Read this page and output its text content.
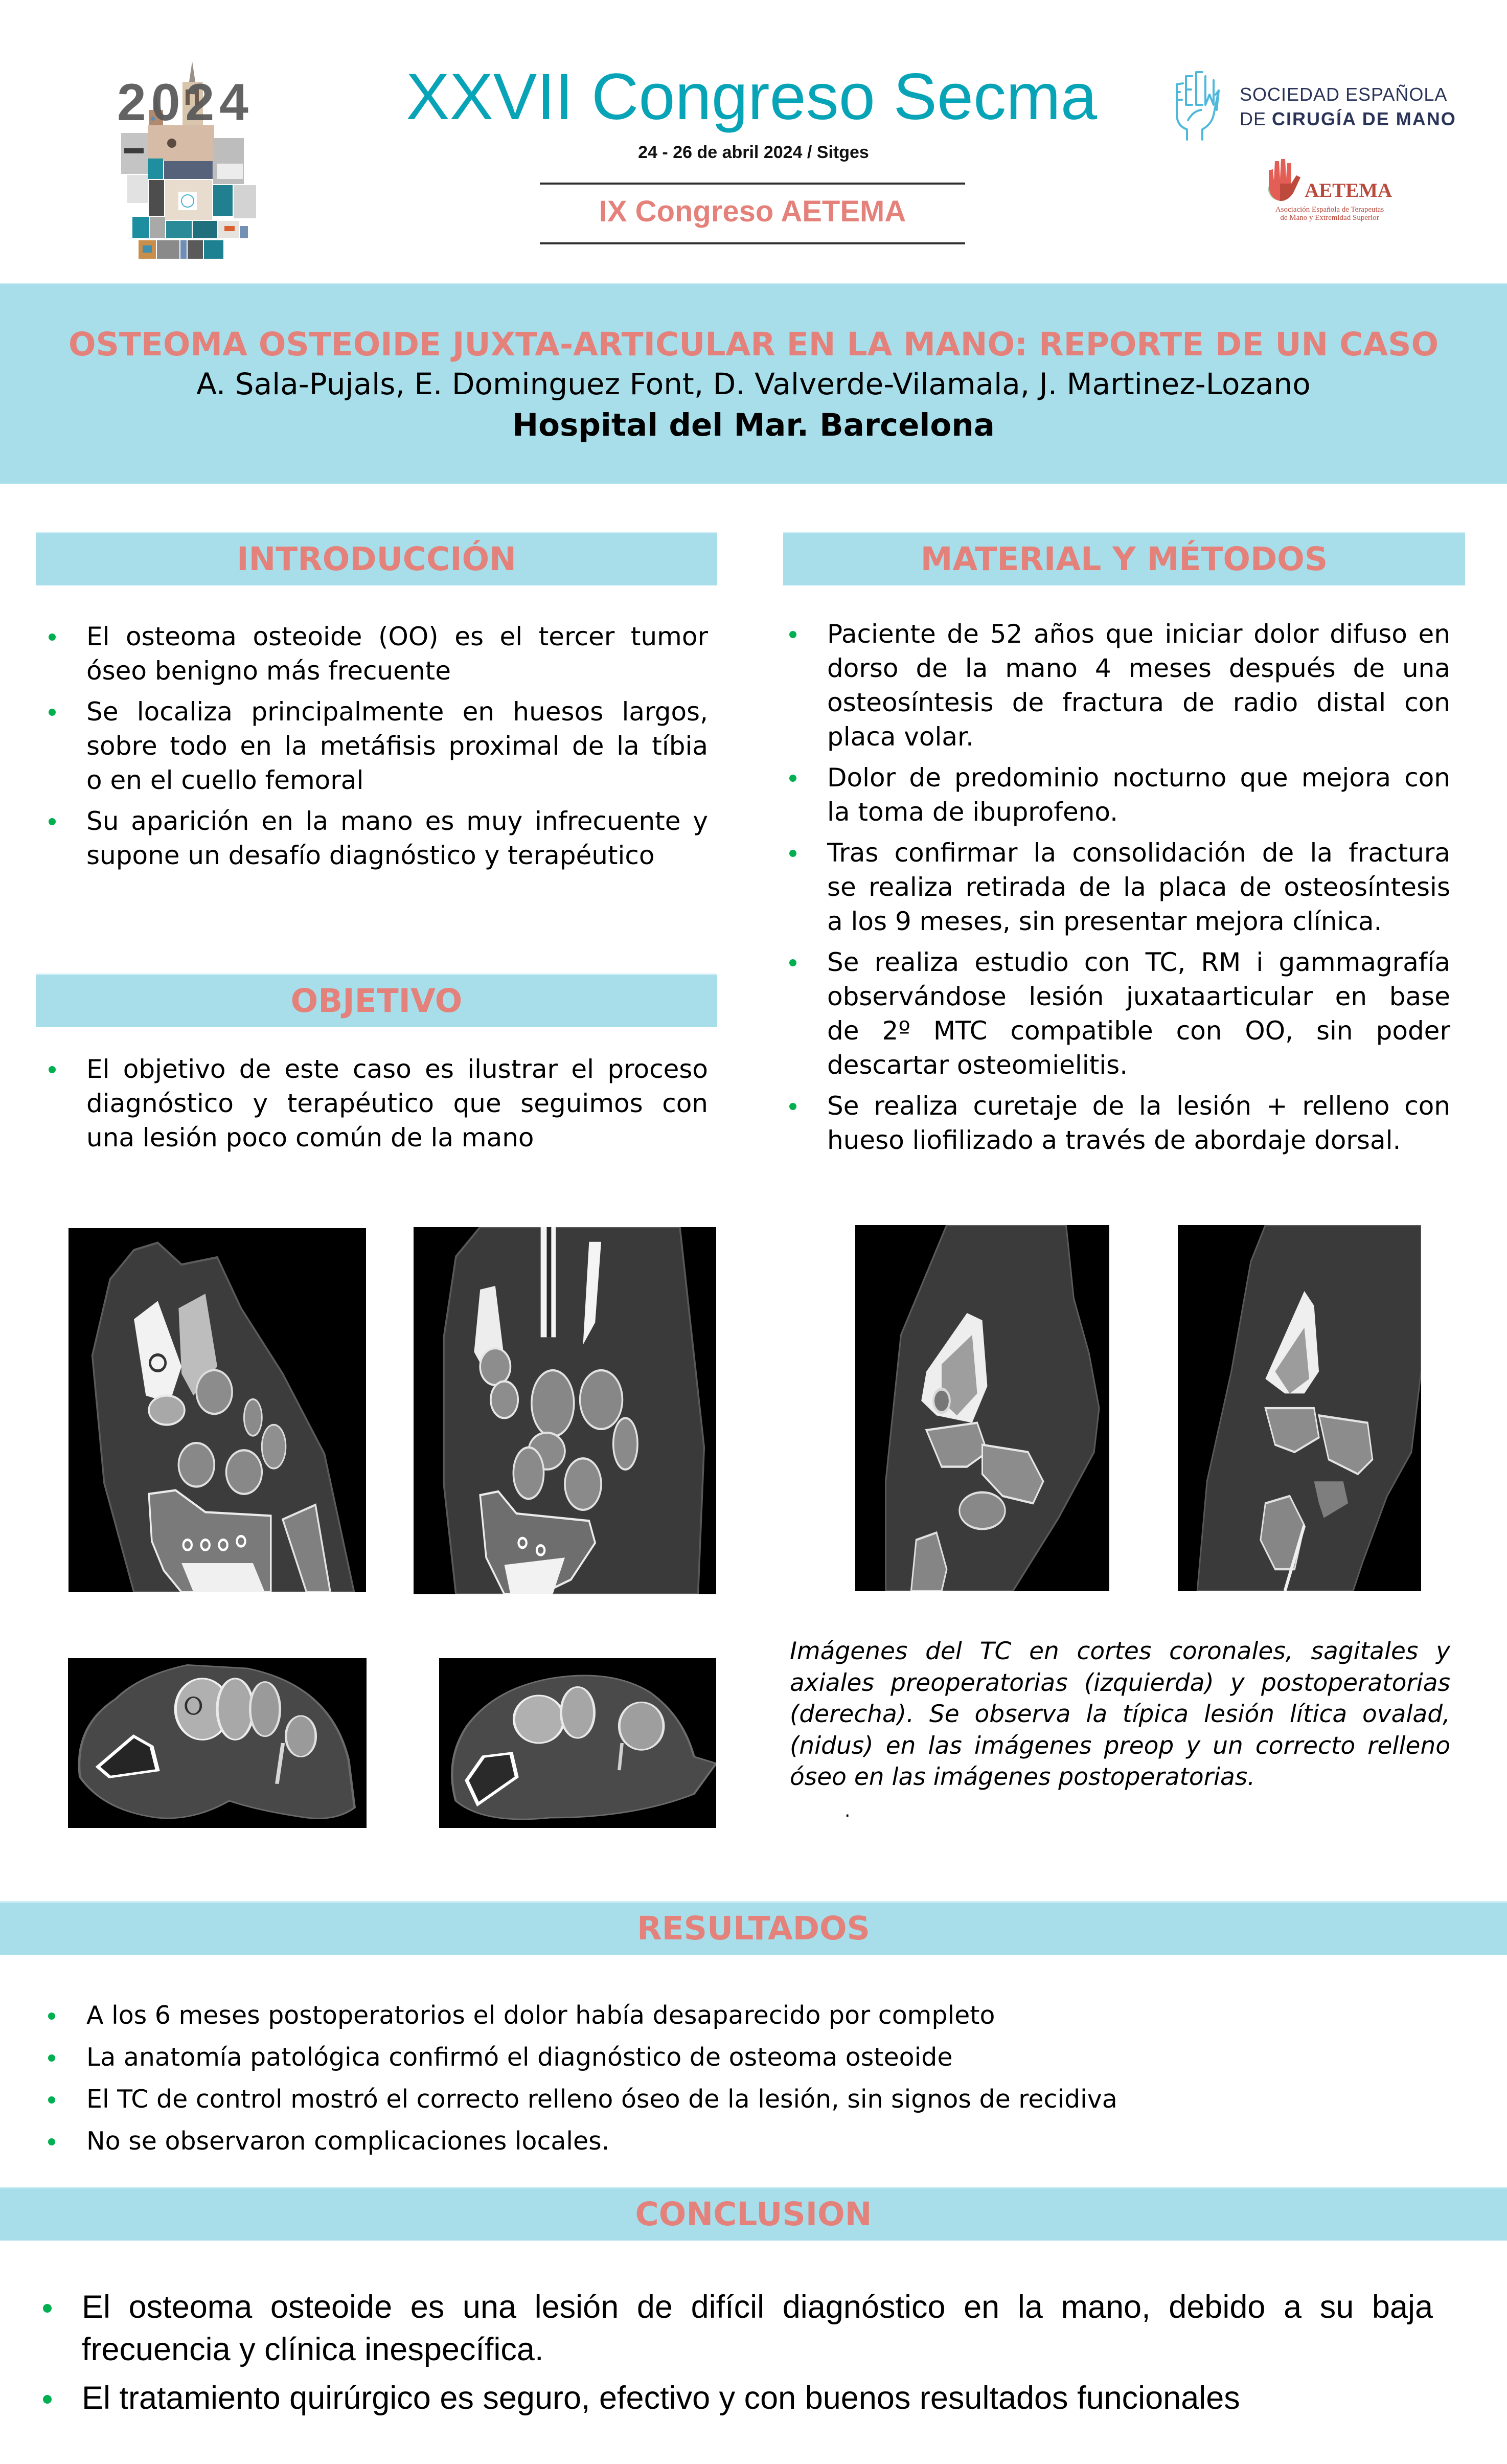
2024	XXVII Congreso Secma
24 - 26 de abril 2024 / Sitges
IX Congreso AETEMA
SOCIEDAD ESPAÑOLA
DE CIRUGÍA DE MANO
AETEMA
Asociación Española de Terapeutas
de Mano y Extremidad Superior
OSTEOMA OSTEOIDE JUXTA-ARTICULAR EN LA MANO: REPORTE DE UN CASO
A. Sala-Pujals, E. Dominguez Font, D. Valverde-Vilamala, J. Martinez-Lozano
Hospital del Mar. Barcelona
INTRODUCCIÓN
El osteoma osteoide (OO) es el tercer tumor
óseo benigno más frecuente
Se localiza principalmente en huesos largos,
sobre todo en la metáfisis proximal de la tíbia
o en el cuello femoral
Su aparición en la mano es muy infrecuente y
supone un desafío diagnóstico y terapéutico
OBJETIVO
El objetivo de este caso es ilustrar el proceso
diagnóstico y terapéutico que seguimos con
una lesión poco común de la mano
MATERIAL Y MÉTODOS
Paciente de 52 años que iniciar dolor difuso en
dorso de la mano 4 meses después de una
osteosíntesis de fractura de radio distal con
placa volar.
Dolor de predominio nocturno que mejora con
la toma de ibuprofeno.
Tras confirmar la consolidación de la fractura
se realiza retirada de la placa de osteosíntesis
a los 9 meses, sin presentar mejora clínica.
Se realiza estudio con TC, RM i gammagrafía
observándose lesión juxataarticular en base
de 2º MTC compatible con OO, sin poder
descartar osteomielitis.
Se realiza curetaje de la lesión + relleno con
hueso liofilizado a través de abordaje dorsal.
Imágenes del TC en cortes coronales, sagitales y
axiales preoperatorias (izquierda) y postoperatorias
(derecha). Se observa la típica lesión lítica ovalad,
(nidus) en las imágenes preop y un correcto relleno
óseo en las imágenes postoperatorias.
.
RESULTADOS
A los 6 meses postoperatorios el dolor había desaparecido por completo
La anatomía patológica confirmó el diagnóstico de osteoma osteoide
El TC de control mostró el correcto relleno óseo de la lesión, sin signos de recidiva
No se observaron complicaciones locales.
CONCLUSION
El osteoma osteoide es una lesión de difícil diagnóstico en la mano, debido a su baja
frecuencia y clínica inespecífica.
El tratamiento quirúrgico es seguro, efectivo y con buenos resultados funcionales
